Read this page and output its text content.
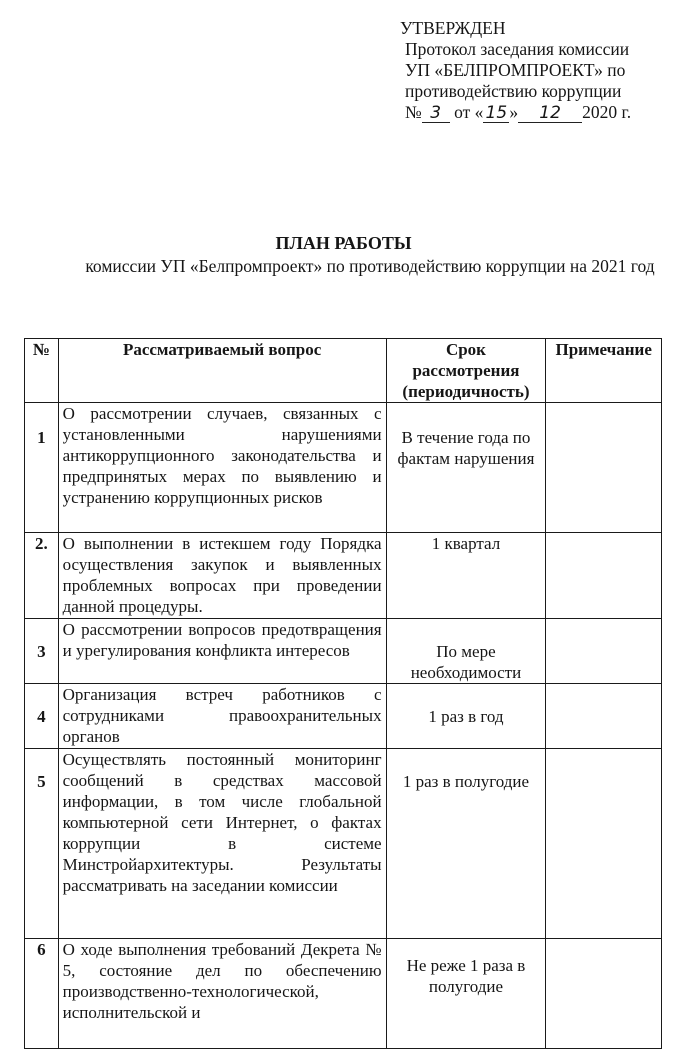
УТВЕРЖДЕН
Протокол заседания комиссии
УП «БЕЛПРОМПРОЕКТ» по
противодействию коррупции
№ 3 от « 15 » 12 2020 г.
ПЛАН РАБОТЫ
комиссии УП «Белпромпроект» по противодействию коррупции на 2021 год
№	Рассматриваемый вопрос	Срок рассмотрения (периодичность)	Примечание
1	О рассмотрении случаев, связанных с установленными нарушениями антикоррупционного законодательства и предпринятых мерах по выявлению и устранению коррупционных рисков	В течение года по фактам нарушения	
2.	О выполнении в истекшем году Порядка осуществления закупок и выявленных проблемных вопросах при проведении данной процедуры.	1 квартал	
3	О рассмотрении вопросов предотвращения и урегулирования конфликта интересов	По мере необходимости	
4	Организация встреч работников с сотрудниками правоохранительных органов	1 раз в год	
5	Осуществлять постоянный мониторинг сообщений в средствах массовой информации, в том числе глобальной компьютерной сети Интернет, о фактах коррупции в системе Минстройархитектуры. Результаты рассматривать на заседании комиссии	1 раз в полугодие	
6	О ходе выполнения требований Декрета № 5, состояние дел по обеспечению производственно-технологической, исполнительской и	Не реже 1 раза в полугодие	
